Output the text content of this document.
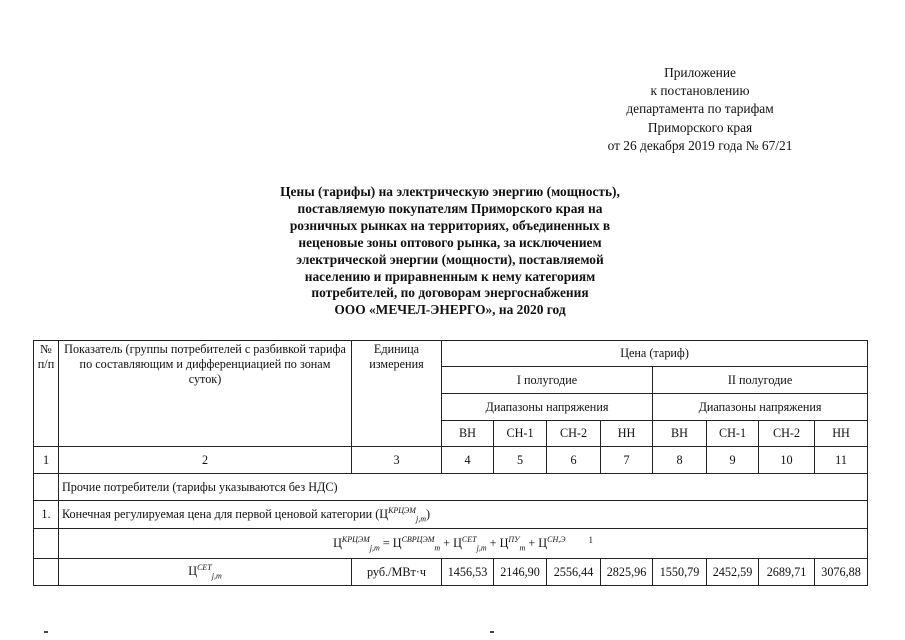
Приложение
к постановлению
департамента по тарифам
Приморского края
от 26 декабря 2019 года № 67/21
Цены (тарифы) на электрическую энергию (мощность),
поставляемую покупателям Приморского края на
розничных рынках на территориях, объединенных в
неценовые зоны оптового рынка, за исключением
электрической энергии (мощности), поставляемой
населению и приравненным к нему категориям
потребителей, по договорам энергоснабжения
ООО «МЕЧЕЛ-ЭНЕРГО», на 2020 год
№ п/п	Показатель (группы потребителей с разбивкой тарифа по составляющим и дифференциацией по зонам суток)	Единица измерения	Цена (тариф)							
			I полугодие				II полугодие			
			Диапазоны напряжения				Диапазоны напряжения			
			ВН	СН-1	СН-2	НН	ВН	СН-1	СН-2	НН
1	2	3	4	5	6	7	8	9	10	11
	Прочие потребители (тарифы указываются без НДС)									
1.	Конечная регулируемая цена для первой ценовой категории $(Ц^{КРЦЭМ}_{j,m})$									
	$Ц^{КРЦЭМ}_{j,m} = Ц^{СВРЦЭМ}_m + Ц^{СЕТ}_{j,m} + Ц^{ПУ}_m + Ц^{СН,Э}$ $^1$
	$Ц^{СЕТ}_{j,m}$	руб./МВт·ч	1456,53	2146,90	2556,44	2825,96	1550,79	2452,59	2689,71	3076,88
